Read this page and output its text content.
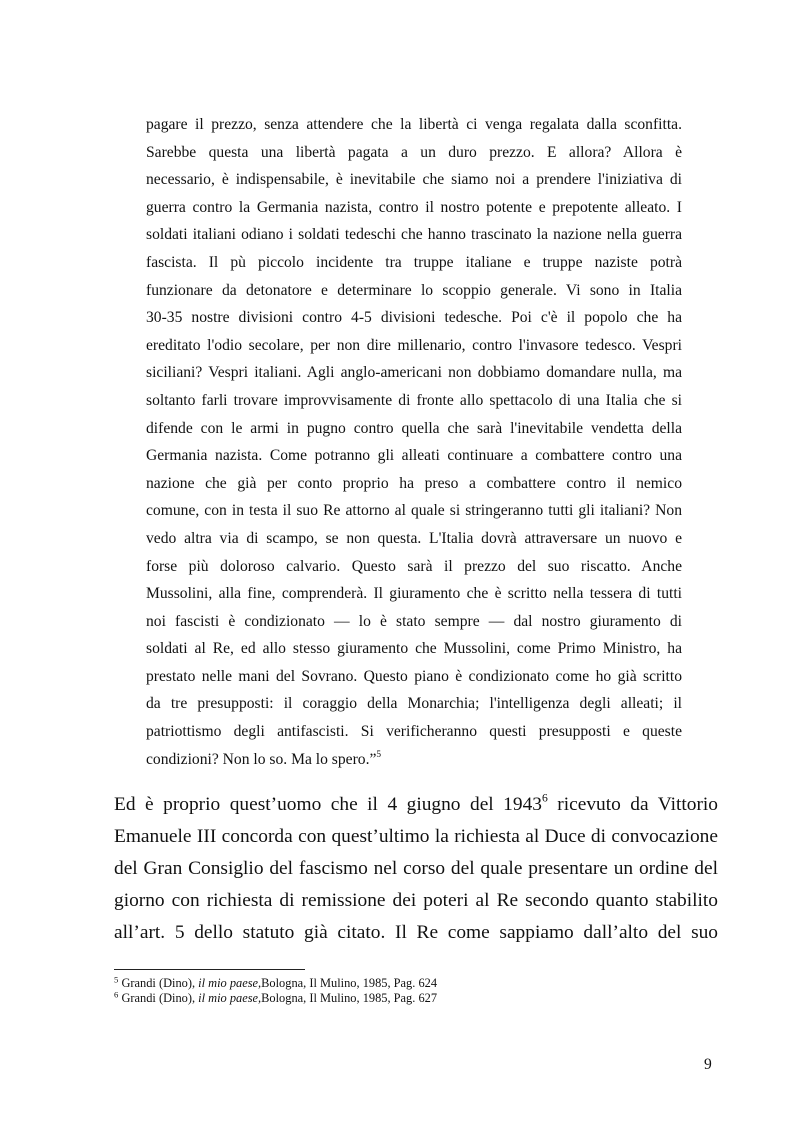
pagare il prezzo, senza attendere che la libertà ci venga regalata dalla sconfitta.
Sarebbe questa una libertà pagata a un duro prezzo. E allora? Allora è
necessario, è indispensabile, è inevitabile che siamo noi a prendere l'iniziativa di
guerra contro la Germania nazista, contro il nostro potente e prepotente alleato. I
soldati italiani odiano i soldati tedeschi che hanno trascinato la nazione nella guerra
fascista. Il pù piccolo incidente tra truppe italiane e truppe naziste potrà
funzionare da detonatore e determinare lo scoppio generale. Vi sono in Italia
30-35 nostre divisioni contro 4-5 divisioni tedesche. Poi c'è il popolo che ha
ereditato l'odio secolare, per non dire millenario, contro l'invasore tedesco. Vespri
siciliani? Vespri italiani. Agli anglo-americani non dobbiamo domandare nulla, ma
soltanto farli trovare improvvisamente di fronte allo spettacolo di una Italia che si
difende con le armi in pugno contro quella che sarà l'inevitabile vendetta della
Germania nazista. Come potranno gli alleati continuare a combattere contro una
nazione che già per conto proprio ha preso a combattere contro il nemico
comune, con in testa il suo Re attorno al quale si stringeranno tutti gli italiani? Non
vedo altra via di scampo, se non questa. L'Italia dovrà attraversare un nuovo e
forse più doloroso calvario. Questo sarà il prezzo del suo riscatto. Anche
Mussolini, alla fine, comprenderà. Il giuramento che è scritto nella tessera di tutti
noi fascisti è condizionato — lo è stato sempre — dal nostro giuramento di
soldati al Re, ed allo stesso giuramento che Mussolini, come Primo Ministro, ha
prestato nelle mani del Sovrano. Questo piano è condizionato come ho già scritto
da tre presupposti: il coraggio della Monarchia; l'intelligenza degli alleati; il
patriottismo degli antifascisti. Si verificheranno questi presupposti e queste
condizioni? Non lo so. Ma lo spero.”$^5$
Ed è proprio quest’uomo che il 4 giugno del 1943$^6$ ricevuto da Vittorio
Emanuele III concorda con quest’ultimo la richiesta al Duce di convocazione
del Gran Consiglio del fascismo nel corso del quale presentare un ordine del
giorno con richiesta di remissione dei poteri al Re secondo quanto stabilito
all’art. 5 dello statuto già citato. Il Re come sappiamo dall’alto del suo
$^5$ Grandi (Dino), il mio paese,Bologna, Il Mulino, 1985, Pag. 624
$^6$ Grandi (Dino), il mio paese,Bologna, Il Mulino, 1985, Pag. 627
9
